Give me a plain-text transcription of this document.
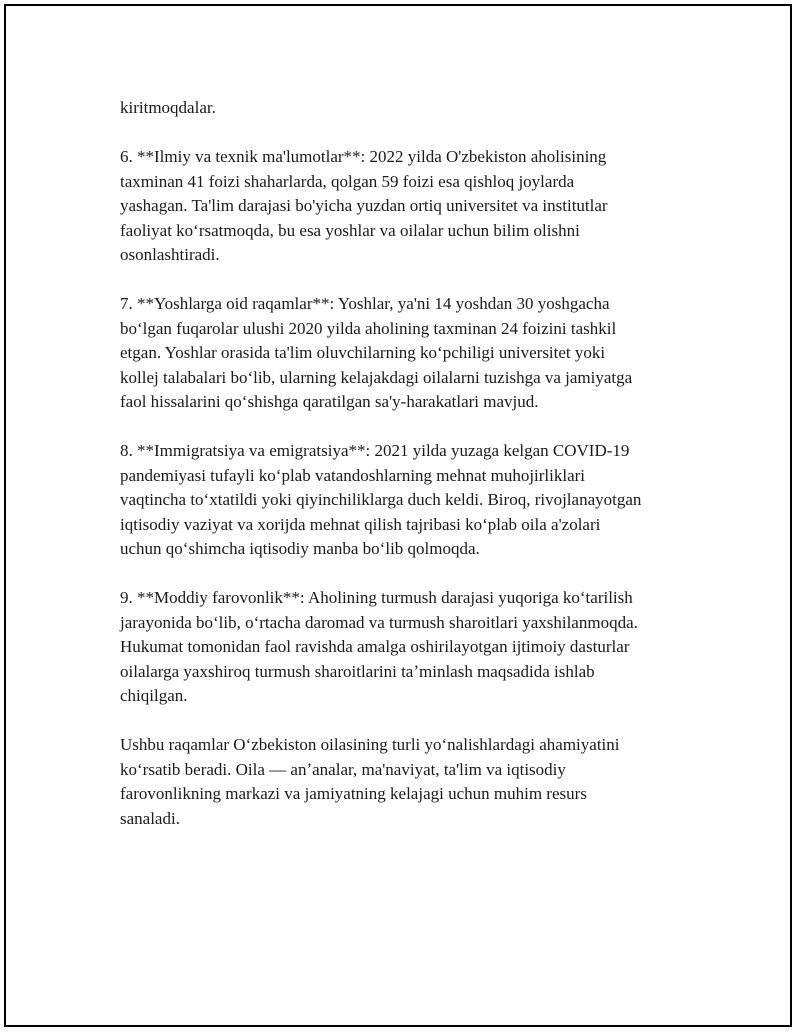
kiritmoqdalar.

6. **Ilmiy va texnik ma'lumotlar**: 2022 yilda O'zbekiston aholisining
taxminan 41 foizi shaharlarda, qolgan 59 foizi esa qishloq joylarda
yashagan. Ta'lim darajasi bo'yicha yuzdan ortiq universitet va institutlar
faoliyat koʻrsatmoqda, bu esa yoshlar va oilalar uchun bilim olishni
osonlashtiradi.

7. **Yoshlarga oid raqamlar**: Yoshlar, ya'ni 14 yoshdan 30 yoshgacha
boʻlgan fuqarolar ulushi 2020 yilda aholining taxminan 24 foizini tashkil
etgan. Yoshlar orasida ta'lim oluvchilarning koʻpchiligi universitet yoki
kollej talabalari boʻlib, ularning kelajakdagi oilalarni tuzishga va jamiyatga
faol hissalarini qoʻshishga qaratilgan sa'y-harakatlari mavjud.

8. **Immigratsiya va emigratsiya**: 2021 yilda yuzaga kelgan COVID-19
pandemiyasi tufayli koʻplab vatandoshlarning mehnat muhojirliklari
vaqtincha toʻxtatildi yoki qiyinchiliklarga duch keldi. Biroq, rivojlanayotgan
iqtisodiy vaziyat va xorijda mehnat qilish tajribasi koʻplab oila a'zolari
uchun qoʻshimcha iqtisodiy manba boʻlib qolmoqda.

9. **Moddiy farovonlik**: Aholining turmush darajasi yuqoriga koʻtarilish
jarayonida boʻlib, oʻrtacha daromad va turmush sharoitlari yaxshilanmoqda.
Hukumat tomonidan faol ravishda amalga oshirilayotgan ijtimoiy dasturlar
oilalarga yaxshiroq turmush sharoitlarini taʼminlash maqsadida ishlab
chiqilgan.

Ushbu raqamlar Oʻzbekiston oilasining turli yoʻnalishlardagi ahamiyatini
koʻrsatib beradi. Oila — anʼanalar, ma'naviyat, ta'lim va iqtisodiy
farovonlikning markazi va jamiyatning kelajagi uchun muhim resurs
sanaladi.
